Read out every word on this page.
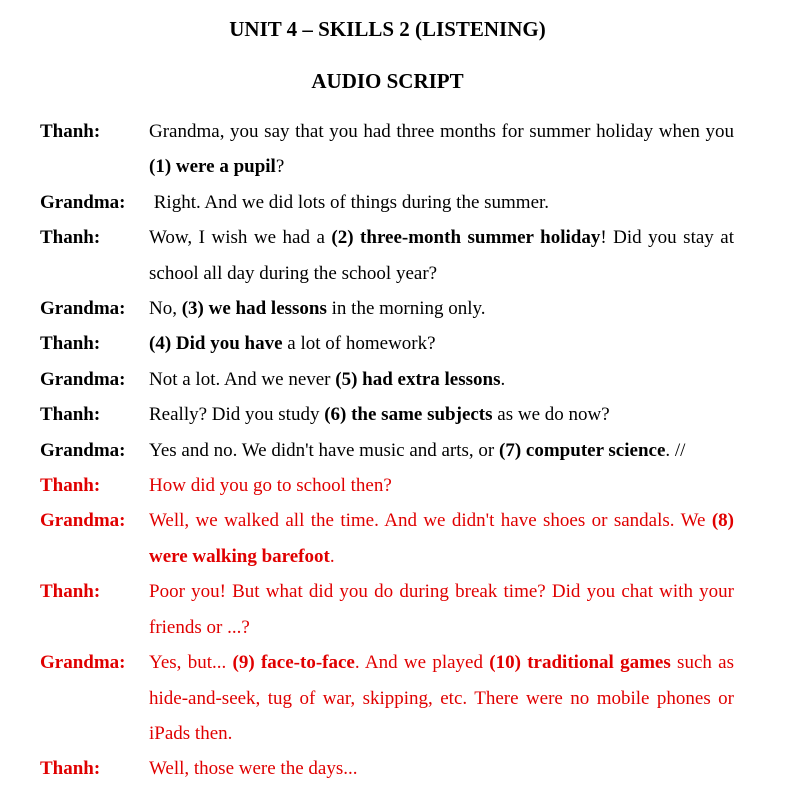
UNIT 4 – SKILLS 2 (LISTENING)
AUDIO SCRIPT
Thanh:	Grandma, you say that you had three months for summer holiday when you (1) were a pupil?
Grandma:	Right. And we did lots of things during the summer.
Thanh:	Wow, I wish we had a (2) three-month summer holiday! Did you stay at school all day during the school year?
Grandma:	No, (3) we had lessons in the morning only.
Thanh:	(4) Did you have a lot of homework?
Grandma:	Not a lot. And we never (5) had extra lessons.
Thanh:	Really? Did you study (6) the same subjects as we do now?
Grandma:	Yes and no. We didn't have music and arts, or (7) computer science. //
Thanh:	How did you go to school then?
Grandma:	Well, we walked all the time. And we didn't have shoes or sandals. We (8) were walking barefoot.
Thanh:	Poor you! But what did you do during break time? Did you chat with your friends or ...?
Grandma:	Yes, but... (9) face-to-face. And we played (10) traditional games such as hide-and-seek, tug of war, skipping, etc. There were no mobile phones or iPads then.
Thanh:	Well, those were the days...
